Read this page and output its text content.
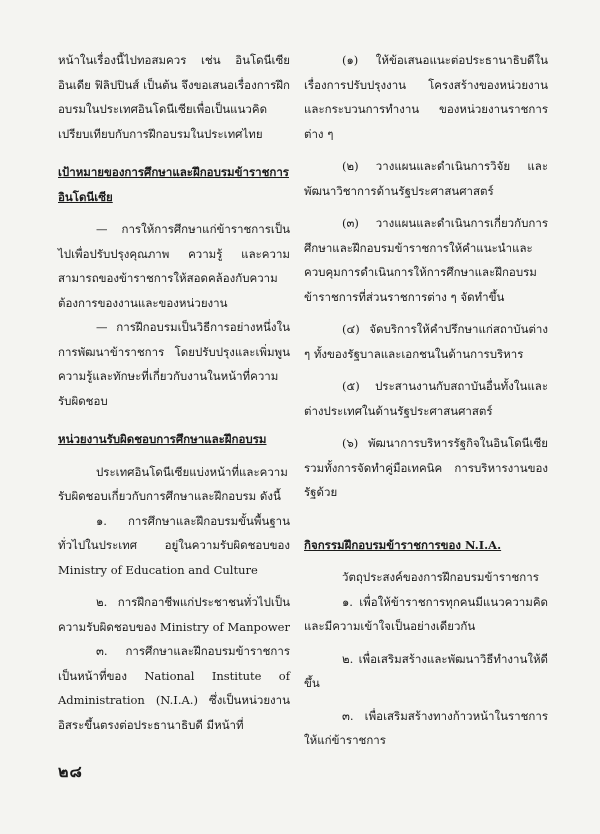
หน้าในเรื่องนี้ไปทอสมควร เช่น อินโดนีเซีย อินเดีย ฟิลิปปินส์ เป็นต้น จึงขอเสนอเรื่องการฝึกอบรมในประเทศอินโดนีเซียเพื่อเป็นแนวคิดเปรียบเทียบกับการฝึกอบรมในประเทศไทย

เป้าหมายของการศึกษาและฝึกอบรมข้าราชการอินโดนีเซีย

— การให้การศึกษาแก่ข้าราชการเป็นไปเพื่อปรับปรุงคุณภาพ ความรู้ และความสามารถของข้าราชการให้สอดคล้องกับความต้องการของงานและของหน่วยงาน

— การฝึกอบรมเป็นวิธีการอย่างหนึ่งในการพัฒนาข้าราชการ โดยปรับปรุงและเพิ่มพูนความรู้และทักษะที่เกี่ยวกับงานในหน้าที่ความรับผิดชอบ

หน่วยงานรับผิดชอบการศึกษาและฝึกอบรม

ประเทศอินโดนีเซียแบ่งหน้าที่และความรับผิดชอบเกี่ยวกับการศึกษาและฝึกอบรม ดังนี้

๑. การศึกษาและฝึกอบรมขั้นพื้นฐานทั่วไปในประเทศ อยู่ในความรับผิดชอบของ Ministry of Education and Culture

๒. การฝึกอาชีพแก่ประชาชนทั่วไปเป็นความรับผิดชอบของ Ministry of Manpower

๓. การศึกษาและฝึกอบรมข้าราชการเป็นหน้าที่ของ National Institute of Administration (N.I.A.) ซึ่งเป็นหน่วยงานอิสระขึ้นตรงต่อประธานาธิบดี มีหน้าที่

(๑) ให้ข้อเสนอแนะต่อประธานาธิบดีในเรื่องการปรับปรุงงาน โครงสร้างของหน่วยงานและกระบวนการทำงาน ของหน่วยงานราชการต่าง ๆ

(๒) วางแผนและดำเนินการวิจัย และพัฒนาวิชาการด้านรัฐประศาสนศาสตร์

(๓) วางแผนและดำเนินการเกี่ยวกับการศึกษาและฝึกอบรมข้าราชการให้คำแนะนำและควบคุมการดำเนินการให้การศึกษาและฝึกอบรมข้าราชการที่ส่วนราชการต่าง ๆ จัดทำขึ้น

(๔) จัดบริการให้คำปรึกษาแก่สถาบันต่าง ๆ ทั้งของรัฐบาลและเอกชนในด้านการบริหาร

(๕) ประสานงานกับสถาบันอื่นทั้งในและต่างประเทศในด้านรัฐประศาสนศาสตร์

(๖) พัฒนาการบริหารรัฐกิจในอินโดนีเซียรวมทั้งการจัดทำคู่มือเทคนิค การบริหารงานของรัฐด้วย

กิจกรรมฝึกอบรมข้าราชการของ N.I.A.

วัตถุประสงค์ของการฝึกอบรมข้าราชการ

๑. เพื่อให้ข้าราชการทุกคนมีแนวความคิดและมีความเข้าใจเป็นอย่างเดียวกัน

๒. เพื่อเสริมสร้างและพัฒนาวิธีทำงานให้ดีขึ้น

๓. เพื่อเสริมสร้างทางก้าวหน้าในราชการให้แก่ข้าราชการ

๒๘
